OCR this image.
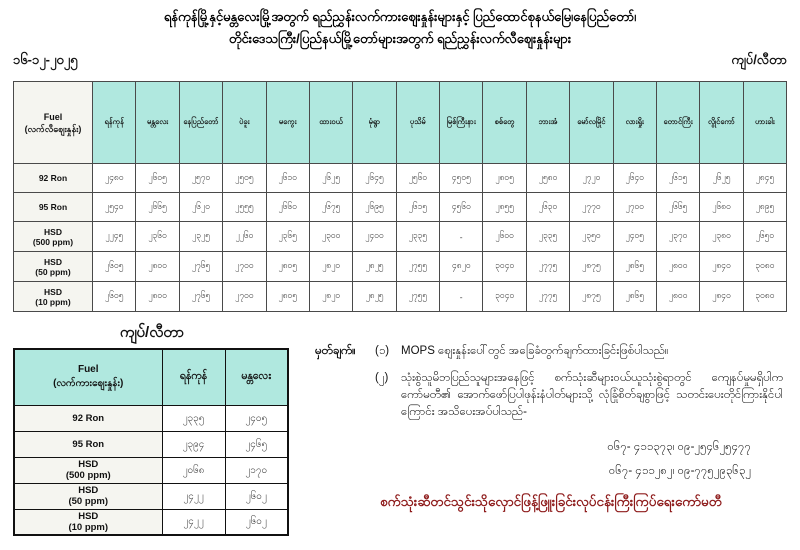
ရန်ကုန်မြို့နှင့်မန္တလေးမြို့အတွက် ရည်ညွှန်းလက်ကားဈေးနှုန်းများနှင့် ပြည်ထောင်စုနယ်မြေ၊နေပြည်တော်၊
တိုင်းဒေသကြီး/ပြည်နယ်မြို့တော်များအတွက် ရည်ညွှန်းလက်လီဈေးနှုန်းများ
၁၆-၁၂-၂၀၂၅	ကျပ်/လီတာ
Fuel
(လက်လီဈေးနှုန်း)	ရန်ကုန်	မန္တလေး	နေပြည်တော်	ပဲခူး	မကွေး	ထားဝယ်	မုံရွာ	ပုသိမ်	မြစ်ကြီးနား	စစ်တွေ	ဘားအံ	မော်လမြိုင်	လားရှိုး	တောင်ကြီး	လွိုင်ကော်	ဟားခါး

92 Ron	၂၄၈၀	၂၆၀၅	၂၅၇၀	၂၅၀၅	၂၆၁၀	၂၆၂၅	၂၆၄၅	၂၅၆၀	၄၅၀၅	၂၈၀၅	၂၅၈၀	၂၇၂၀	၂၆၄၀	၂၆၁၅	၂၆၂၅	၂၈၄၅

95 Ron	၂၅၄၀	၂၆၆၅	၂၆၂၀	၂၅၅၅	၂၆၆၀	၂၆၇၅	၂၆၉၅	၂၆၁၅	၄၅၆၀	၂၈၅၅	၂၆၃၀	၂၇၇၀	၂၇၀၀	၂၆၆၅	၂၆၈၀	၂၈၉၅

HSD
(500 ppm)	၂၂၄၅	၂၃၆၀	၂၃၂၅	၂၂၆၀	၂၃၆၅	၂၃၀၀	၂၄၀၀	၂၃၃၅	-	၂၆၀၀	၂၃၃၅	၂၃၅၀	၂၄၀၅	၂၃၇၀	၂၃၈၀	၂၆၅၀

HSD
(50 ppm)	၂၆၀၅	၂၈၀၀	၂၇၆၅	၂၇၀၀	၂၈၀၅	၂၈၂၀	၂၈၂၅	၂၇၅၅	၄၈၂၀	၃၀၄၀	၂၇၇၅	၂၈၇၅	၂၈၆၅	၂၈၀၀	၂၈၄၀	၃၀၈၀

HSD
(10 ppm)	၂၆၀၅	၂၈၀၀	၂၇၆၅	၂၇၀၀	၂၈၀၅	၂၈၂၀	၂၈၂၅	၂၇၅၅	-	၃၀၄၀	၂၇၇၅	၂၈၇၅	၂၈၆၅	၂၈၀၀	၂၈၄၀	၃၀၈၀
ကျပ်/လီတာ
Fuel
(လက်ကားဈေးနှုန်း)	ရန်ကုန်	မန္တလေး

92 Ron	၂၃၃၅	၂၄၀၅

95 Ron	၂၃၉၄	၂၄၆၅

HSD
(500 ppm)	၂၀၆၈	၂၁၇၀

HSD
(50 ppm)	၂၄၂၂	၂၆၀၂

HSD
(10 ppm)	၂၄၂၂	၂၆၀၂
မှတ်ချက်။	(၁)	MOPS ဈေးနှုန်းပေါ်တွင် အခြေခံတွက်ချက်ထားခြင်းဖြစ်ပါသည်။
(၂)	သုံးစွဲသူမိဘပြည်သူများအနေဖြင့် စက်သုံးဆီများဝယ်ယူသုံးစွဲရာတွင် ကျေနပ်မှုမရှိပါက ကော်မတီ၏ အောက်ဖော်ပြပါဖုန်းနံပါတ်များသို့ လုံခြုံစိတ်ချစွာဖြင့် သတင်းပေးတိုင်ကြားနိုင်ပါကြောင်း အသိပေးအပ်ပါသည်-
၀၆၇- ၄၁၁၃၇၃၊ ၀၉-၂၅၄၆၂၅၄၇၇
၀၆၇- ၄၁၁၂၈၂၊ ၀၉-၇၇၅၂၉၃၆၃၂
စက်သုံးဆီတင်သွင်းသိုလှောင်ဖြန့်ဖြူးခြင်းလုပ်ငန်းကြီးကြပ်ရေးကော်မတီ
